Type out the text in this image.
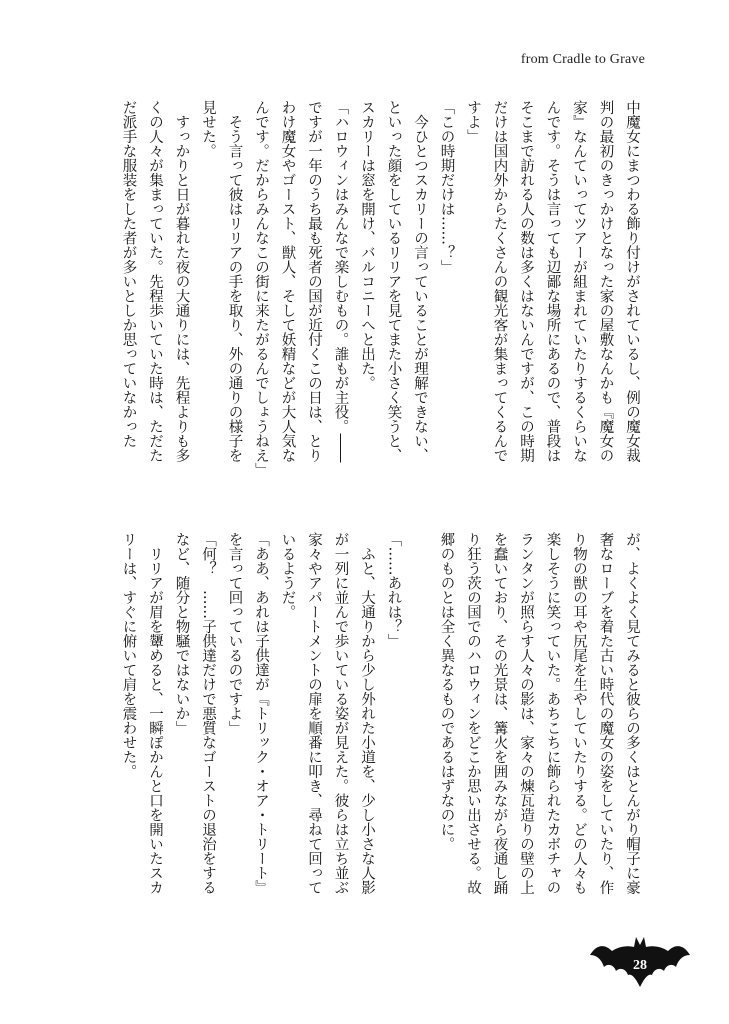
from Cradle to Grave
中魔女にまつわる飾り付けがされているし、例の魔女裁
判の最初のきっかけとなった家の屋敷なんかも『魔女の
家』なんていってツアーが組まれていたりするくらいな
んです。そうは言っても辺鄙な場所にあるので、普段は
そこまで訪れる人の数は多くはないんですが、この時期
だけは国内外からたくさんの観光客が集まってくるんで
すよ」
「この時期だけは……？」
　今ひとつスカリーの言っていることが理解できない、
といった顔をしているリリアを見てまた小さく笑うと、
スカリーは窓を開け、バルコニーへと出た。
「ハロウィンはみんなで楽しむもの。誰もが主役。――
ですが一年のうち最も死者の国が近付くこの日は、とり
わけ魔女やゴースト、獣人、そして妖精などが大人気な
んです。だからみんなこの街に来たがるんでしょうねえ」
　そう言って彼はリリアの手を取り、外の通りの様子を
見せた。
　すっかりと日が暮れた夜の大通りには、先程よりも多
くの人々が集まっていた。先程歩いていた時は、ただた
だ派手な服装をした者が多いとしか思っていなかった
が、よくよく見てみると彼らの多くはとんがり帽子に豪
奢なローブを着た古い時代の魔女の姿をしていたり、作
り物の獣の耳や尻尾を生やしていたりする。どの人々も
楽しそうに笑っていた。あちこちに飾られたカボチャの
ランタンが照らす人々の影は、家々の煉瓦造りの壁の上
を蠢いており、その光景は、篝火を囲みながら夜通し踊
り狂う茨の国でのハロウィンをどこか思い出させる。故
郷のものとは全く異なるものであるはずなのに。

「……あれは？」
　ふと、大通りから少し外れた小道を、少し小さな人影
が一列に並んで歩いている姿が見えた。彼らは立ち並ぶ
家々やアパートメントの扉を順番に叩き、尋ねて回って
いるようだ。
「ああ、あれは子供達が『トリック・オア・トリート』
を言って回っているのですよ」
「何？　……子供達だけで悪質なゴーストの退治をする
など、随分と物騒ではないか」
　リリアが眉を顰めると、一瞬ぽかんと口を開いたスカ
リーは、すぐに俯いて肩を震わせた。
28
